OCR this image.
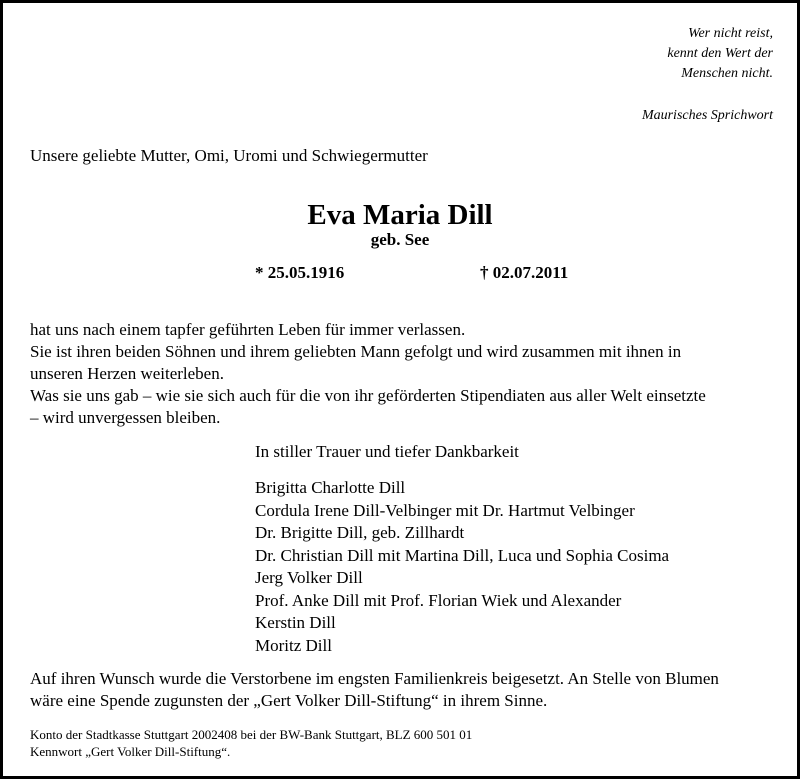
Wer nicht reist,
kennt den Wert der
Menschen nicht.
Maurisches Sprichwort
Unsere geliebte Mutter, Omi, Uromi und Schwiegermutter
Eva Maria Dill
geb. See
* 25.05.1916	† 02.07.2011
hat uns nach einem tapfer geführten Leben für immer verlassen.
Sie ist ihren beiden Söhnen und ihrem geliebten Mann gefolgt und wird zusammen mit ihnen in
unseren Herzen weiterleben.
Was sie uns gab – wie sie sich auch für die von ihr geförderten Stipendiaten aus aller Welt einsetzte
– wird unvergessen bleiben.
In stiller Trauer und tiefer Dankbarkeit
Brigitta Charlotte Dill
Cordula Irene Dill-Velbinger mit Dr. Hartmut Velbinger
Dr. Brigitte Dill, geb. Zillhardt
Dr. Christian Dill mit Martina Dill, Luca und Sophia Cosima
Jerg Volker Dill
Prof. Anke Dill mit Prof. Florian Wiek und Alexander
Kerstin Dill
Moritz Dill
Auf ihren Wunsch wurde die Verstorbene im engsten Familienkreis beigesetzt. An Stelle von Blumen
wäre eine Spende zugunsten der „Gert Volker Dill-Stiftung“ in ihrem Sinne.
Konto der Stadtkasse Stuttgart 2002408 bei der BW-Bank Stuttgart, BLZ 600 501 01
Kennwort „Gert Volker Dill-Stiftung“.
